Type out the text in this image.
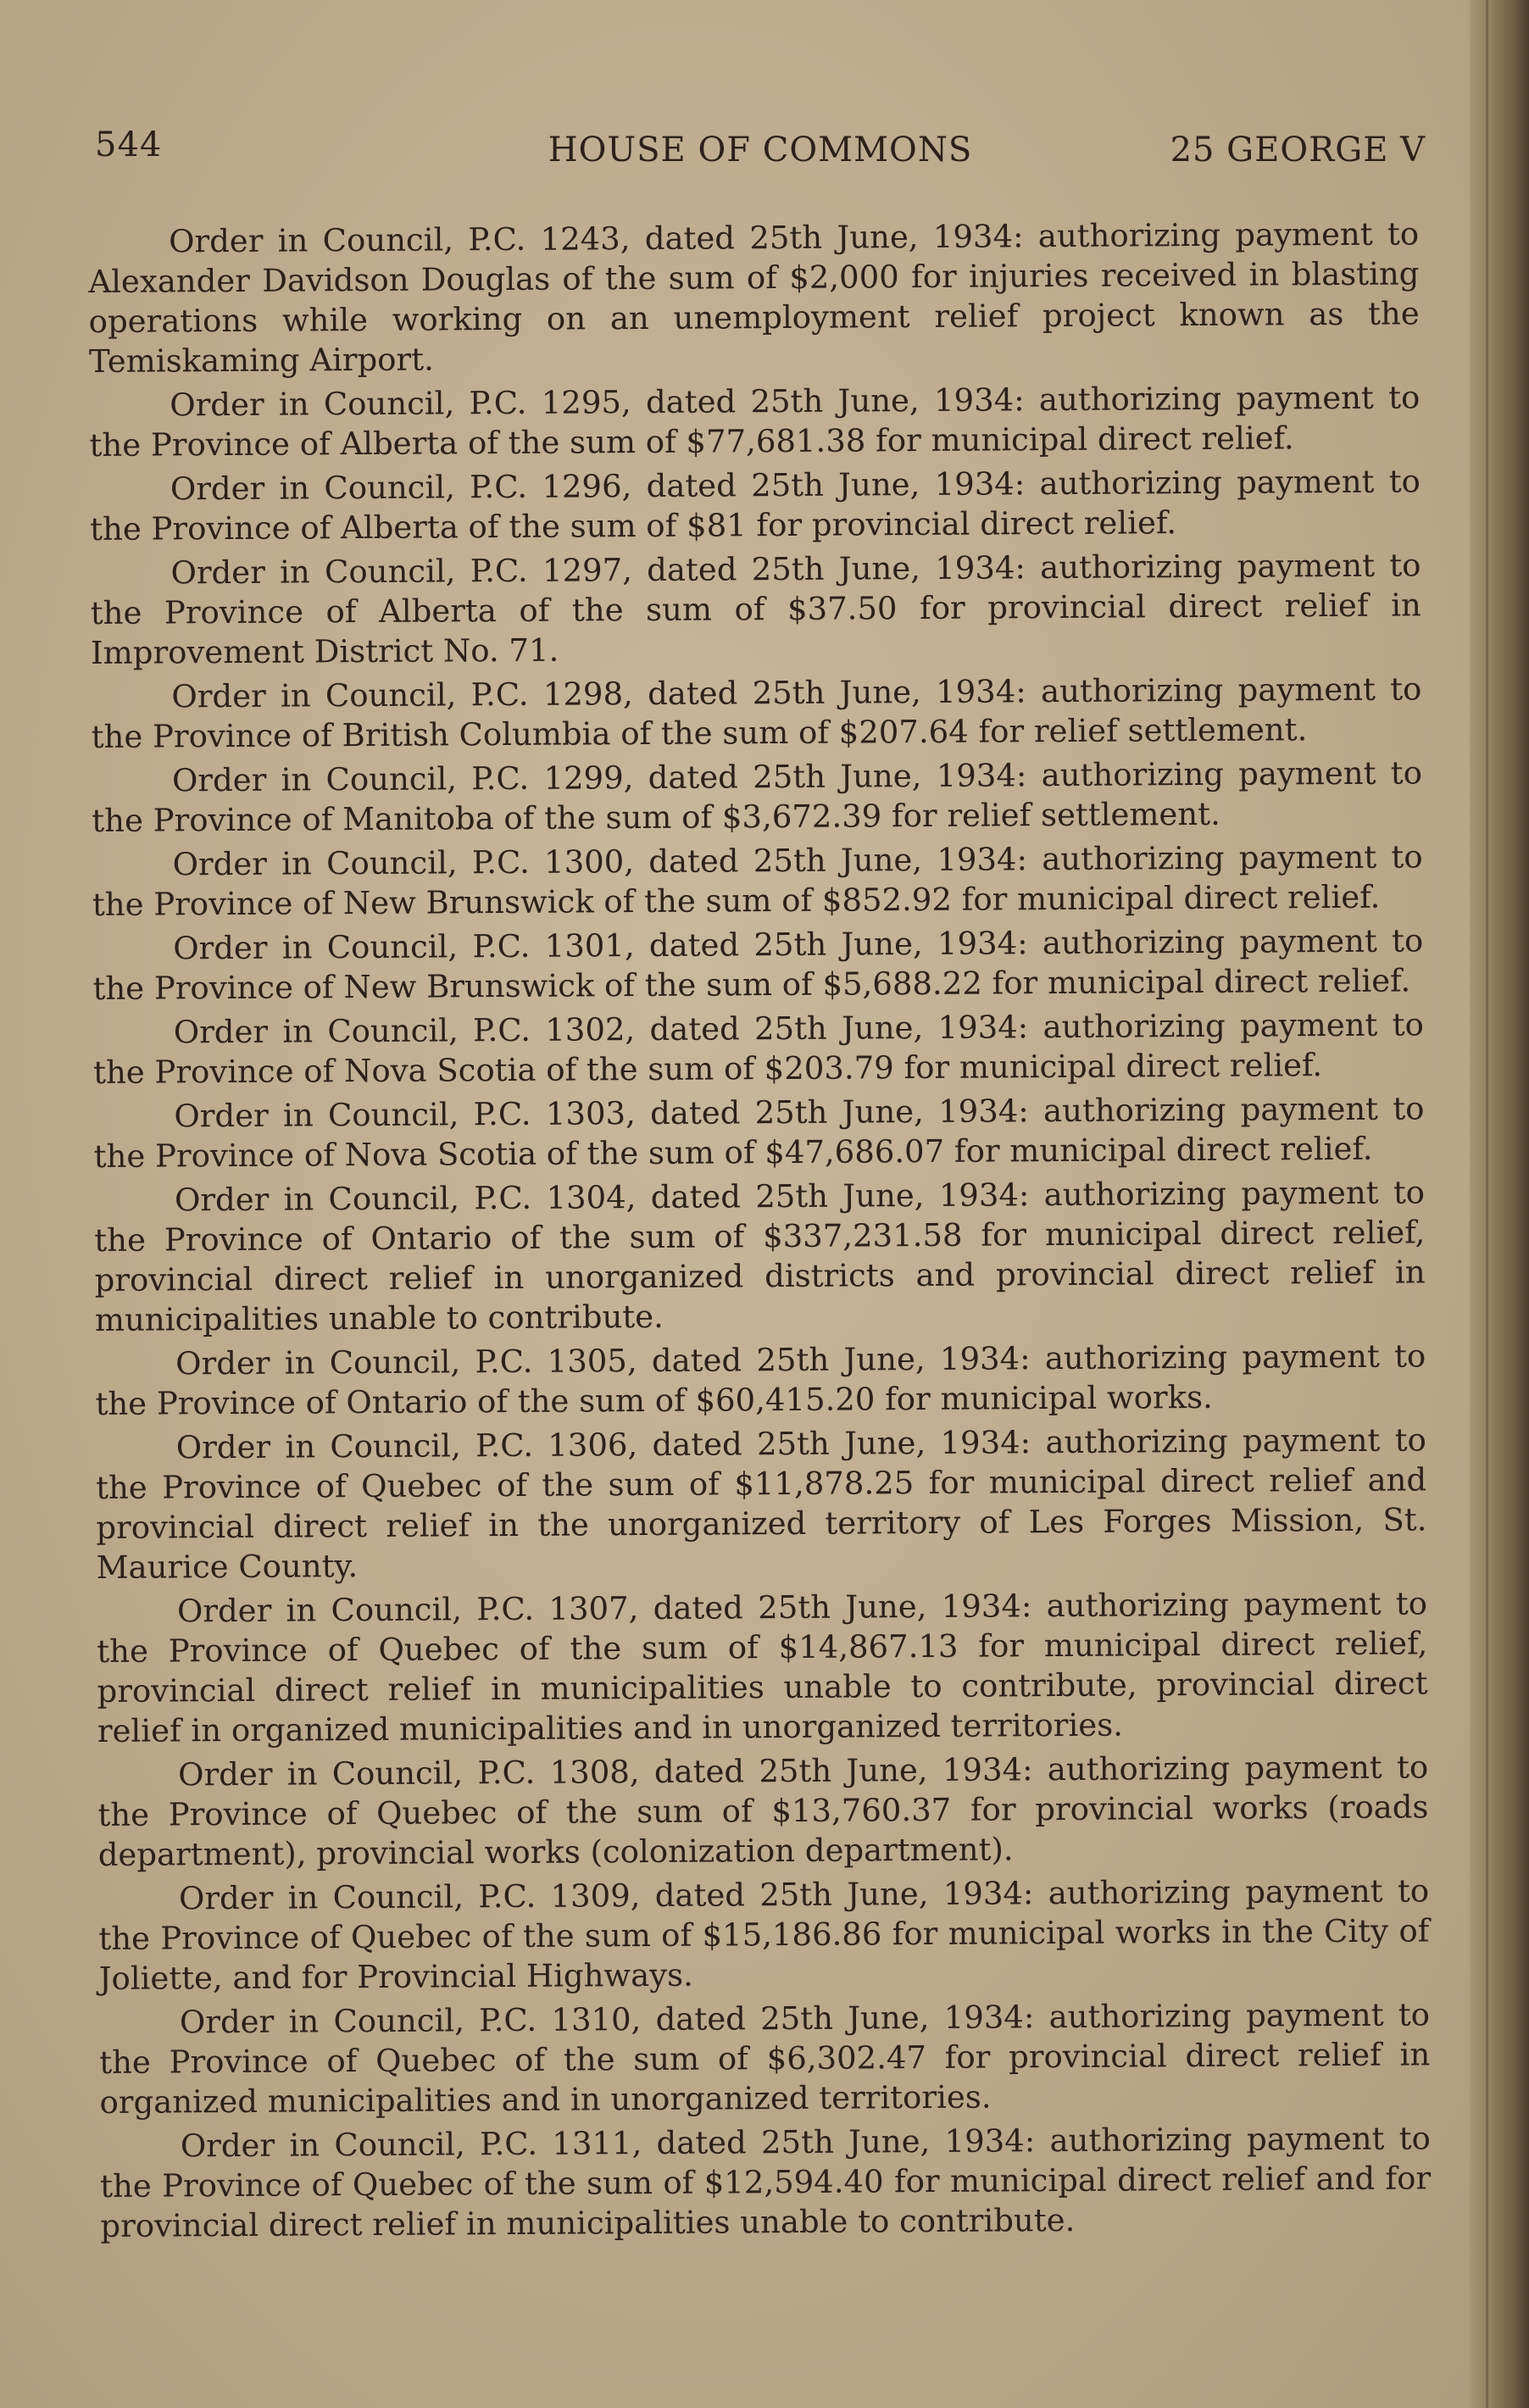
544	HOUSE OF COMMONS	25 GEORGE V

Order in Council, P.C. 1243, dated 25th June, 1934: authorizing payment to Alexander Davidson Douglas of the sum of $2,000 for injuries received in blasting operations while working on an unemployment relief project known as the Temiskaming Airport.

Order in Council, P.C. 1295, dated 25th June, 1934: authorizing payment to the Province of Alberta of the sum of $77,681.38 for municipal direct relief.

Order in Council, P.C. 1296, dated 25th June, 1934: authorizing payment to the Province of Alberta of the sum of $81 for provincial direct relief.

Order in Council, P.C. 1297, dated 25th June, 1934: authorizing payment to the Province of Alberta of the sum of $37.50 for provincial direct relief in Improvement District No. 71.

Order in Council, P.C. 1298, dated 25th June, 1934: authorizing payment to the Province of British Columbia of the sum of $207.64 for relief settlement.

Order in Council, P.C. 1299, dated 25th June, 1934: authorizing payment to the Province of Manitoba of the sum of $3,672.39 for relief settlement.

Order in Council, P.C. 1300, dated 25th June, 1934: authorizing payment to the Province of New Brunswick of the sum of $852.92 for municipal direct relief.

Order in Council, P.C. 1301, dated 25th June, 1934: authorizing payment to the Province of New Brunswick of the sum of $5,688.22 for municipal direct relief.

Order in Council, P.C. 1302, dated 25th June, 1934: authorizing payment to the Province of Nova Scotia of the sum of $203.79 for municipal direct relief.

Order in Council, P.C. 1303, dated 25th June, 1934: authorizing payment to the Province of Nova Scotia of the sum of $47,686.07 for municipal direct relief.

Order in Council, P.C. 1304, dated 25th June, 1934: authorizing payment to the Province of Ontario of the sum of $337,231.58 for municipal direct relief, provincial direct relief in unorganized districts and provincial direct relief in municipalities unable to contribute.

Order in Council, P.C. 1305, dated 25th June, 1934: authorizing payment to the Province of Ontario of the sum of $60,415.20 for municipal works.

Order in Council, P.C. 1306, dated 25th June, 1934: authorizing payment to the Province of Quebec of the sum of $11,878.25 for municipal direct relief and provincial direct relief in the unorganized territory of Les Forges Mission, St. Maurice County.

Order in Council, P.C. 1307, dated 25th June, 1934: authorizing payment to the Province of Quebec of the sum of $14,867.13 for municipal direct relief, provincial direct relief in municipalities unable to contribute, provincial direct relief in organized municipalities and in unorganized territories.

Order in Council, P.C. 1308, dated 25th June, 1934: authorizing payment to the Province of Quebec of the sum of $13,760.37 for provincial works (roads department), provincial works (colonization department).

Order in Council, P.C. 1309, dated 25th June, 1934: authorizing payment to the Province of Quebec of the sum of $15,186.86 for municipal works in the City of Joliette, and for Provincial Highways.

Order in Council, P.C. 1310, dated 25th June, 1934: authorizing payment to the Province of Quebec of the sum of $6,302.47 for provincial direct relief in organized municipalities and in unorganized territories.

Order in Council, P.C. 1311, dated 25th June, 1934: authorizing payment to the Province of Quebec of the sum of $12,594.40 for municipal direct relief and for provincial direct relief in municipalities unable to contribute.
